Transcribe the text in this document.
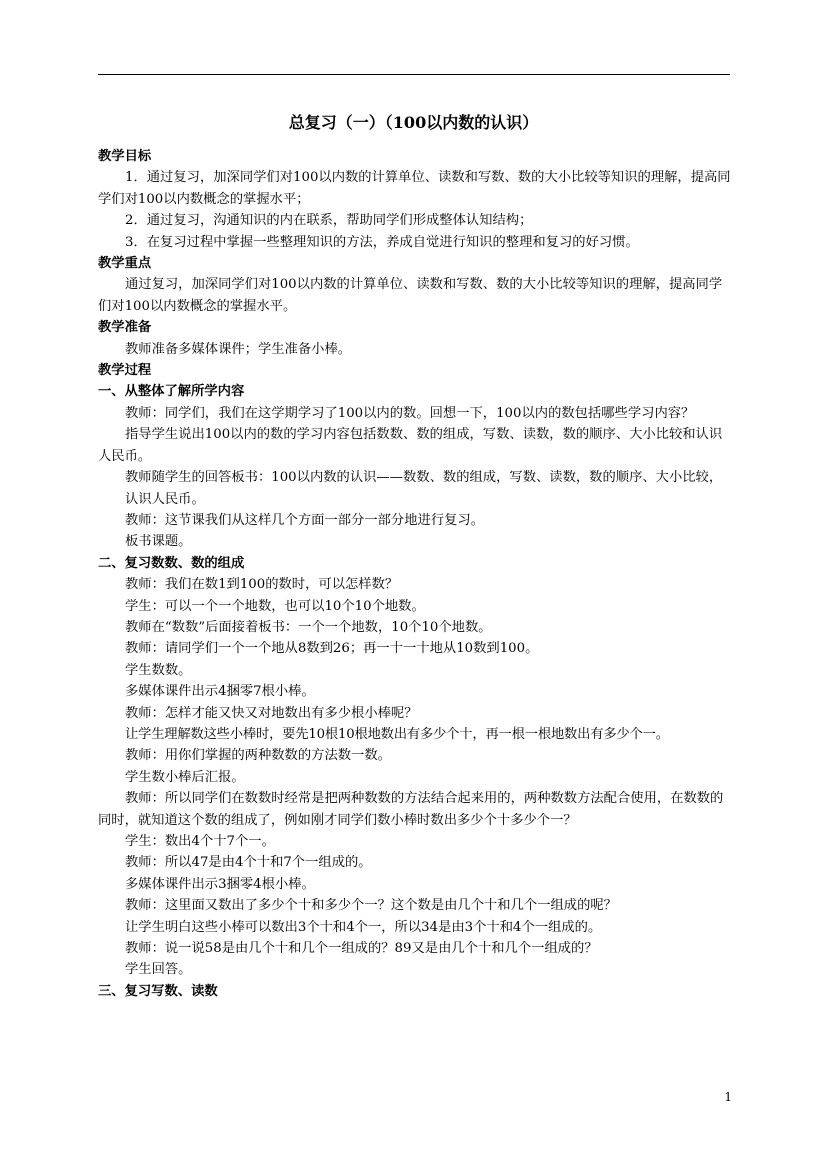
总复习（一）（100以内数的认识）

教学目标

1．通过复习，加深同学们对100以内数的计算单位、读数和写数、数的大小比较等知识的理解，提高同学们对100以内数概念的掌握水平；

2．通过复习，沟通知识的内在联系，帮助同学们形成整体认知结构；

3．在复习过程中掌握一些整理知识的方法，养成自觉进行知识的整理和复习的好习惯。

教学重点

通过复习，加深同学们对100以内数的计算单位、读数和写数、数的大小比较等知识的理解，提高同学们对100以内数概念的掌握水平。

教学准备

教师准备多媒体课件；学生准备小棒。

教学过程

一、从整体了解所学内容

教师：同学们，我们在这学期学习了100以内的数。回想一下，100以内的数包括哪些学习内容？

指导学生说出100以内的数的学习内容包括数数、数的组成，写数、读数，数的顺序、大小比较和认识人民币。

教师随学生的回答板书：100以内数的认识——数数、数的组成，写数、读数，数的顺序、大小比较，

认识人民币。

教师：这节课我们从这样几个方面一部分一部分地进行复习。

板书课题。

二、复习数数、数的组成

教师：我们在数1到100的数时，可以怎样数？

学生：可以一个一个地数，也可以10个10个地数。

教师在“数数”后面接着板书：一个一个地数，10个10个地数。

教师：请同学们一个一个地从8数到26；再一十一十地从10数到100。

学生数数。

多媒体课件出示4捆零7根小棒。

教师：怎样才能又快又对地数出有多少根小棒呢？

让学生理解数这些小棒时，要先10根10根地数出有多少个十，再一根一根地数出有多少个一。

教师：用你们掌握的两种数数的方法数一数。

学生数小棒后汇报。

教师：所以同学们在数数时经常是把两种数数的方法结合起来用的，两种数数方法配合使用，在数数的同时，就知道这个数的组成了，例如刚才同学们数小棒时数出多少个十多少个一？

学生：数出4个十7个一。

教师：所以47是由4个十和7个一组成的。

多媒体课件出示3捆零4根小棒。

教师：这里面又数出了多少个十和多少个一？这个数是由几个十和几个一组成的呢？

让学生明白这些小棒可以数出3个十和4个一，所以34是由3个十和4个一组成的。

教师：说一说58是由几个十和几个一组成的？89又是由几个十和几个一组成的？

学生回答。

三、复习写数、读数

1
